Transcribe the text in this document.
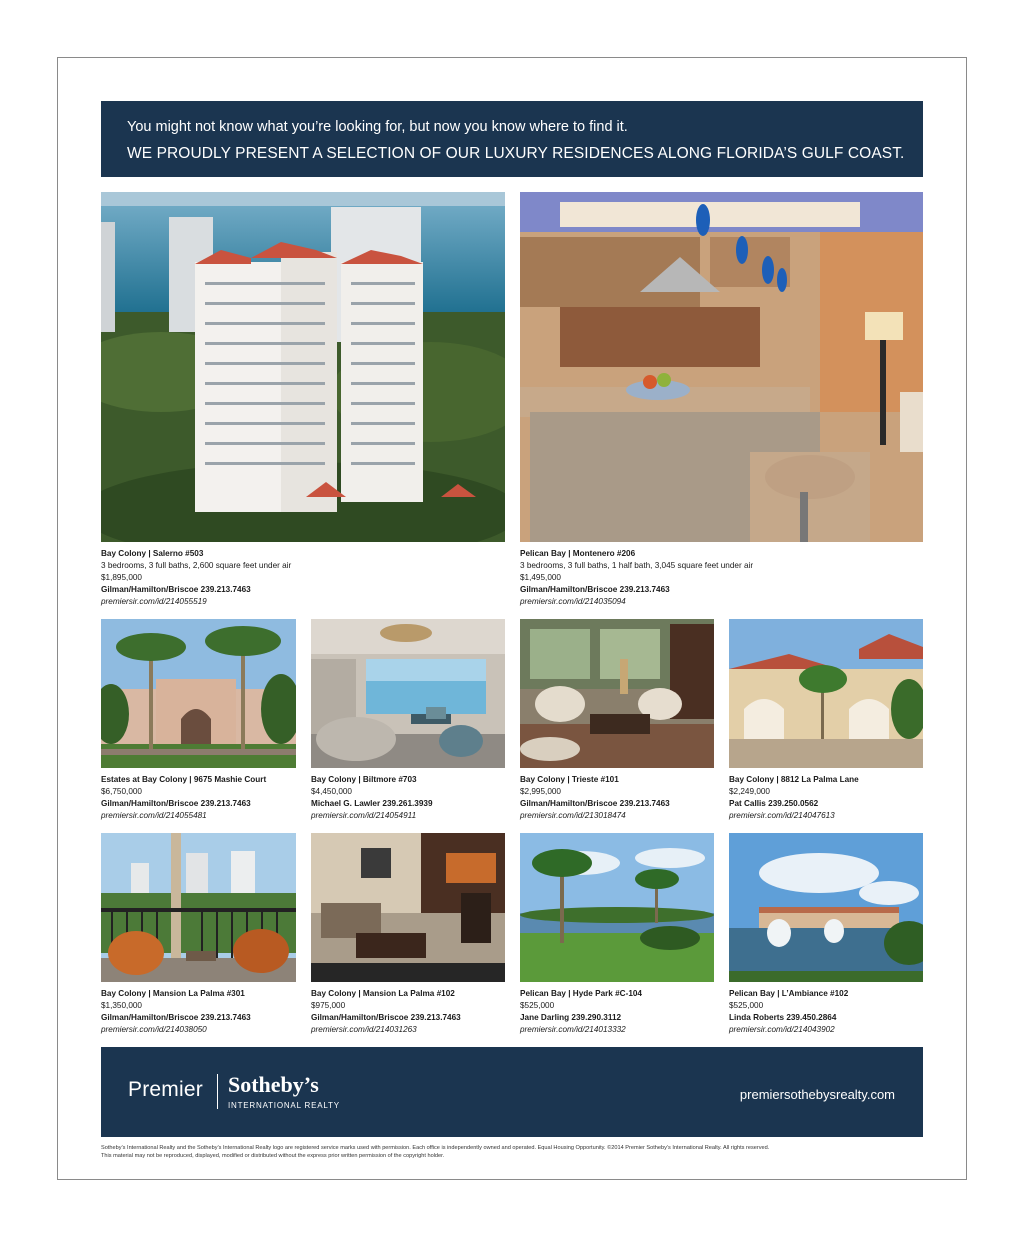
You might not know what you’re looking for, but now you know where to find it.
WE PROUDLY PRESENT A SELECTION OF OUR LUXURY RESIDENCES ALONG FLORIDA’S GULF COAST.
Bay Colony | Salerno #503
3 bedrooms, 3 full baths, 2,600 square feet under air
$1,895,000
Gilman/Hamilton/Briscoe 239.213.7463
premiersir.com/id/214055519
Pelican Bay | Montenero #206
3 bedrooms, 3 full baths, 1 half bath, 3,045 square feet under air
$1,495,000
Gilman/Hamilton/Briscoe 239.213.7463
premiersir.com/id/214035094
Estates at Bay Colony | 9675 Mashie Court
$6,750,000
Gilman/Hamilton/Briscoe 239.213.7463
premiersir.com/id/214055481
Bay Colony | Biltmore #703
$4,450,000
Michael G. Lawler 239.261.3939
premiersir.com/id/214054911
Bay Colony | Trieste #101
$2,995,000
Gilman/Hamilton/Briscoe 239.213.7463
premiersir.com/id/213018474
Bay Colony | 8812 La Palma Lane
$2,249,000
Pat Callis 239.250.0562
premiersir.com/id/214047613
Bay Colony | Mansion La Palma #301
$1,350,000
Gilman/Hamilton/Briscoe 239.213.7463
premiersir.com/id/214038050
Bay Colony | Mansion La Palma #102
$975,000
Gilman/Hamilton/Briscoe 239.213.7463
premiersir.com/id/214031263
Pelican Bay | Hyde Park #C-104
$525,000
Jane Darling 239.290.3112
premiersir.com/id/214013332
Pelican Bay | L’Ambiance #102
$525,000
Linda Roberts 239.450.2864
premiersir.com/id/214043902
Premier Sotheby’s
INTERNATIONAL REALTY
premiersothebysrealty.com
Sotheby’s International Realty and the Sotheby’s International Realty logo are registered service marks used with permission. Each office is independently owned and operated. Equal Housing Opportunity. ©2014 Premier Sotheby’s International Realty. All rights reserved.
This material may not be reproduced, displayed, modified or distributed without the express prior written permission of the copyright holder.
